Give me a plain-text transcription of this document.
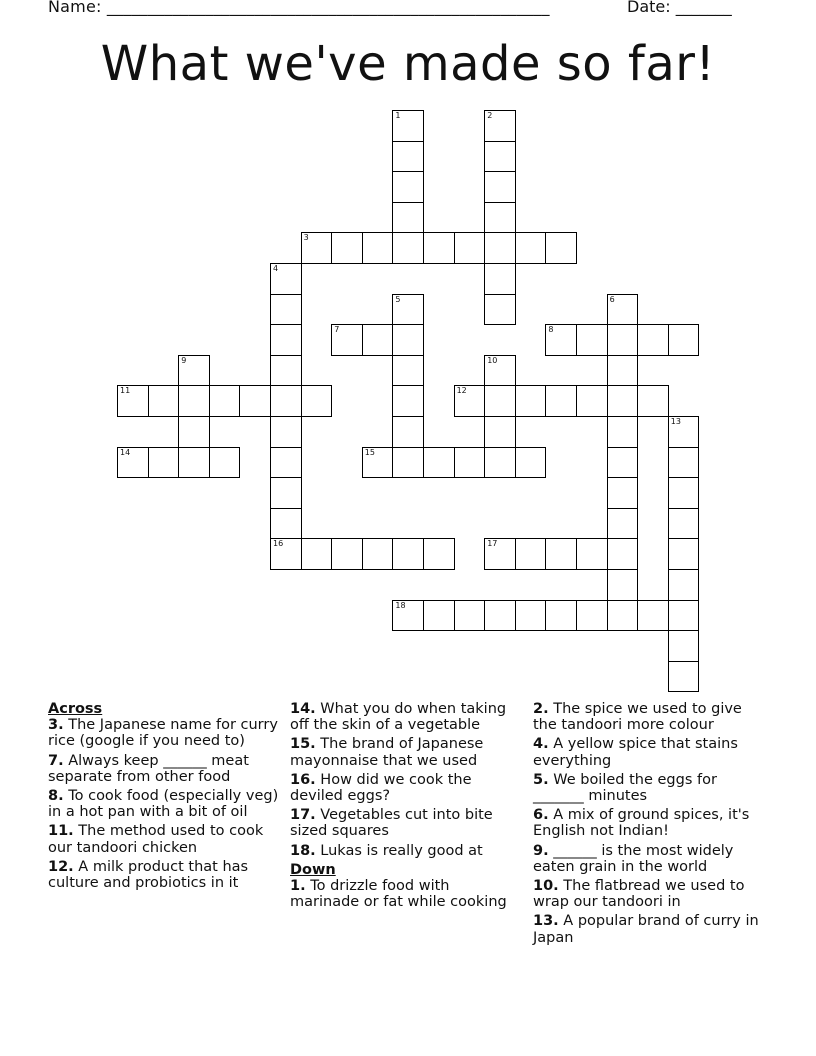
Name: ______________________________________________________	Date: _______
What we've made so far!
1	2
3
4
5	6
7	8
9	10
11	12
13
14	15
16	17
18
Across
3. The Japanese name for curry rice (google if you need to)
7. Always keep ______ meat separate from other food
8. To cook food (especially veg) in a hot pan with a bit of oil
11. The method used to cook our tandoori chicken
12. A milk product that has culture and probiotics in it
14. What you do when taking off the skin of a vegetable
15. The brand of Japanese mayonnaise that we used
16. How did we cook the deviled eggs?
17. Vegetables cut into bite sized squares
18. Lukas is really good at
Down
1. To drizzle food with marinade or fat while cooking
2. The spice we used to give the tandoori more colour
4. A yellow spice that stains everything
5. We boiled the eggs for _______ minutes
6. A mix of ground spices, it's English not Indian!
9. ______ is the most widely eaten grain in the world
10. The flatbread we used to wrap our tandoori in
13. A popular brand of curry in Japan
